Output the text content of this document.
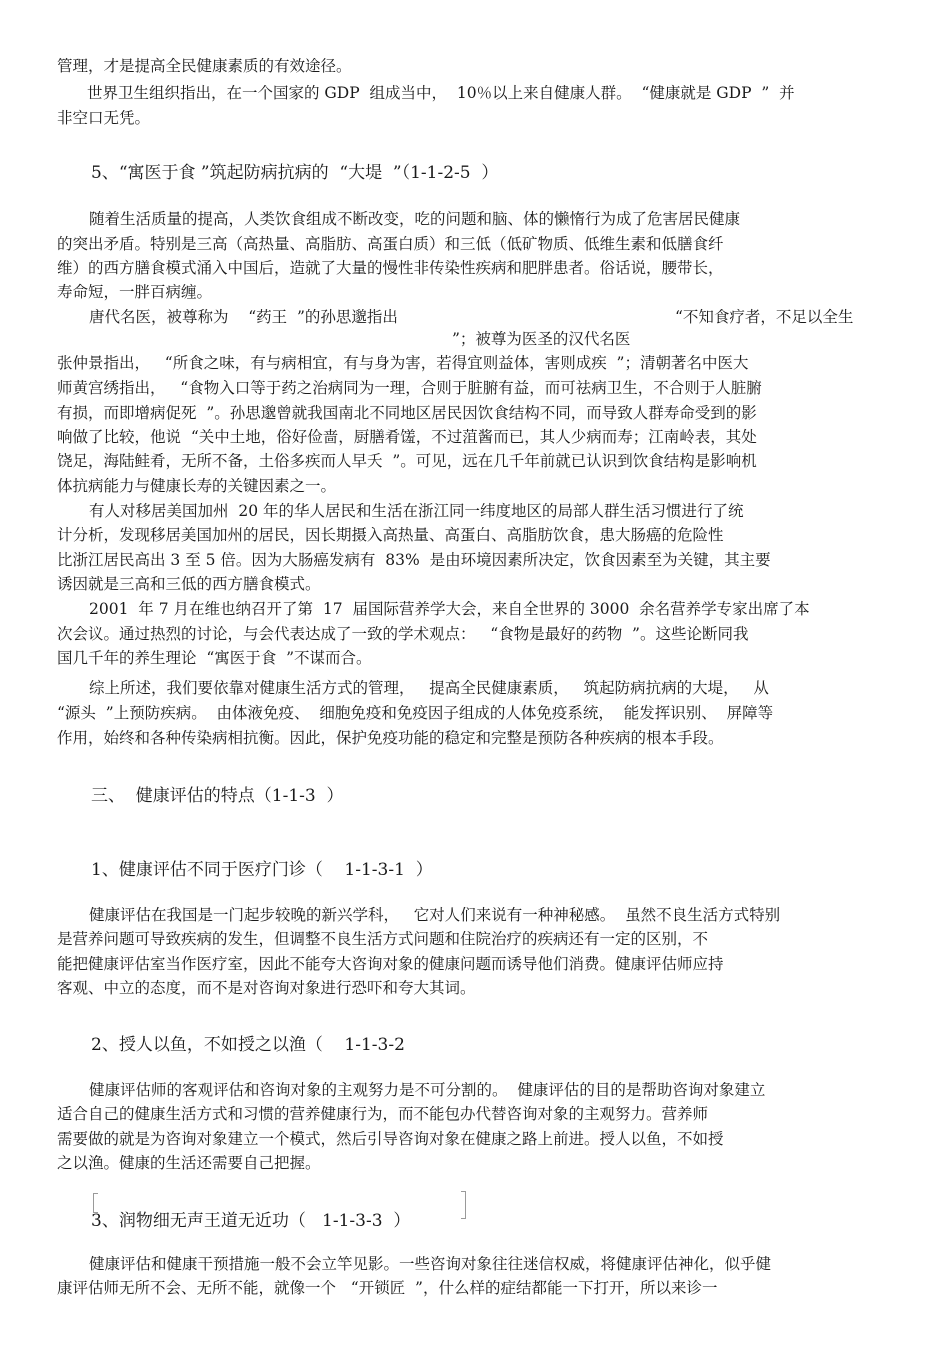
管理，才是提高全民健康素质的有效途径。
世界卫生组织指出，在一个国家的 GDP  组成当中，  10％以上来自健康人群。  “健康就是 GDP  ”  并
非空口无凭。
5、“寓医于食 ”筑起防病抗病的  “大堤  ”（1-1-2-5  ）
随着生活质量的提高，人类饮食组成不断改变，吃的问题和脑、体的懒惰行为成了危害居民健康
的突出矛盾。特别是三高（高热量、高脂肪、高蛋白质）和三低（低矿物质、低维生素和低膳食纤
维）的西方膳食模式涌入中国后，造就了大量的慢性非传染性疾病和肥胖患者。俗话说，腰带长，
寿命短，一胖百病缠。
唐代名医，被尊称为    “药王  ”的孙思邈指出	“不知食疗者，不足以全生
”；被尊为医圣的汉代名医
张仲景指出，   “所食之味，有与病相宜，有与身为害，若得宜则益体，害则成疾  ”；清朝著名中医大
师黄宫绣指出，   “食物入口等于药之治病同为一理，合则于脏腑有益，而可祛病卫生，不合则于人脏腑
有损，而即增病促死  ”。孙思邈曾就我国南北不同地区居民因饮食结构不同，而导致人群寿命受到的影
响做了比较，他说  “关中土地，俗好俭啬，厨膳肴馐，不过菹酱而已，其人少病而寿；江南岭表，其处
饶足，海陆鲑肴，无所不备，土俗多疾而人早夭  ”。可见，远在几千年前就已认识到饮食结构是影响机
体抗病能力与健康长寿的关键因素之一。
有人对移居美国加州  20 年的华人居民和生活在浙江同一纬度地区的局部人群生活习惯进行了统
计分析，发现移居美国加州的居民，因长期摄入高热量、高蛋白、高脂肪饮食，患大肠癌的危险性
比浙江居民高出 3 至 5 倍。因为大肠癌发病有  83%  是由环境因素所决定，饮食因素至为关键，其主要
诱因就是三高和三低的西方膳食模式。
2001  年 7 月在维也纳召开了第  17  届国际营养学大会，来自全世界的 3000  余名营养学专家出席了本
次会议。通过热烈的讨论，与会代表达成了一致的学术观点：   “食物是最好的药物  ”。这些论断同我
国几千年的养生理论  “寓医于食  ”不谋而合。
综上所述，我们要依靠对健康生活方式的管理，   提高全民健康素质，   筑起防病抗病的大堤，   从
“源头  ”上预防疾病。  由体液免疫、  细胞免疫和免疫因子组成的人体免疫系统，  能发挥识别、  屏障等
作用，始终和各种传染病相抗衡。因此，保护免疫功能的稳定和完整是预防各种疾病的根本手段。
三、  健康评估的特点（1-1-3  ）
1、健康评估不同于医疗门诊（    1-1-3-1  ）
健康评估在我国是一门起步较晚的新兴学科，   它对人们来说有一种神秘感。  虽然不良生活方式特别
是营养问题可导致疾病的发生，但调整不良生活方式问题和住院治疗的疾病还有一定的区别，不
能把健康评估室当作医疗室，因此不能夸大咨询对象的健康问题而诱导他们消费。健康评估师应持
客观、中立的态度，而不是对咨询对象进行恐吓和夸大其词。
2、授人以鱼，不如授之以渔（    1-1-3-2
健康评估师的客观评估和咨询对象的主观努力是不可分割的。  健康评估的目的是帮助咨询对象建立
适合自己的健康生活方式和习惯的营养健康行为，而不能包办代替咨询对象的主观努力。营养师
需要做的就是为咨询对象建立一个模式，然后引导咨询对象在健康之路上前进。授人以鱼，不如授
之以渔。健康的生活还需要自己把握。
3、润物细无声王道无近功（   1-1-3-3  ）
健康评估和健康干预措施一般不会立竿见影。一些咨询对象往往迷信权威，将健康评估神化，似乎健
康评估师无所不会、无所不能，就像一个   “开锁匠  ”，什么样的症结都能一下打开，所以来诊一
